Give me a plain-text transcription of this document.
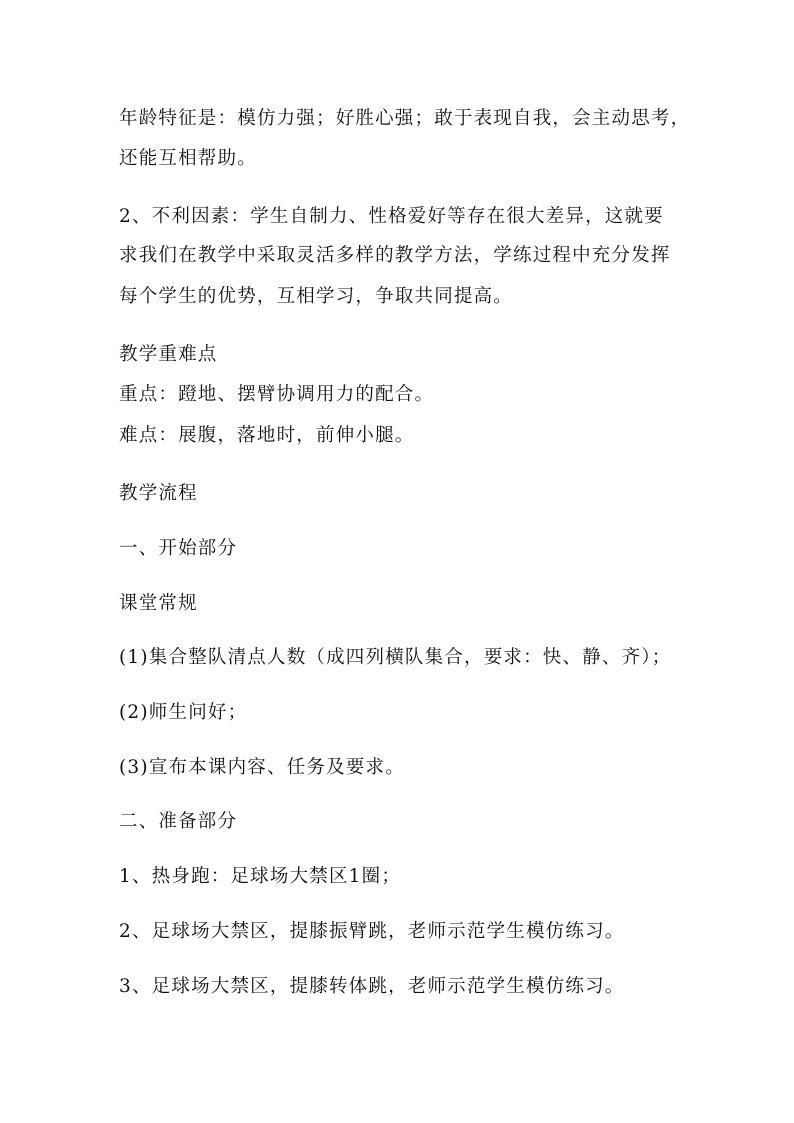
年龄特征是：模仿力强；好胜心强；敢于表现自我，会主动思考，
还能互相帮助。
2、不利因素：学生自制力、性格爱好等存在很大差异，这就要
求我们在教学中采取灵活多样的教学方法，学练过程中充分发挥
每个学生的优势，互相学习，争取共同提高。
教学重难点
重点：蹬地、摆臂协调用力的配合。
难点：展腹，落地时，前伸小腿。
教学流程
一、开始部分
课堂常规
(1)集合整队清点人数（成四列横队集合，要求：快、静、齐）；
(2)师生问好；
(3)宣布本课内容、任务及要求。
二、准备部分
1、热身跑：足球场大禁区1圈；
2、足球场大禁区，提膝振臂跳，老师示范学生模仿练习。
3、足球场大禁区，提膝转体跳，老师示范学生模仿练习。
